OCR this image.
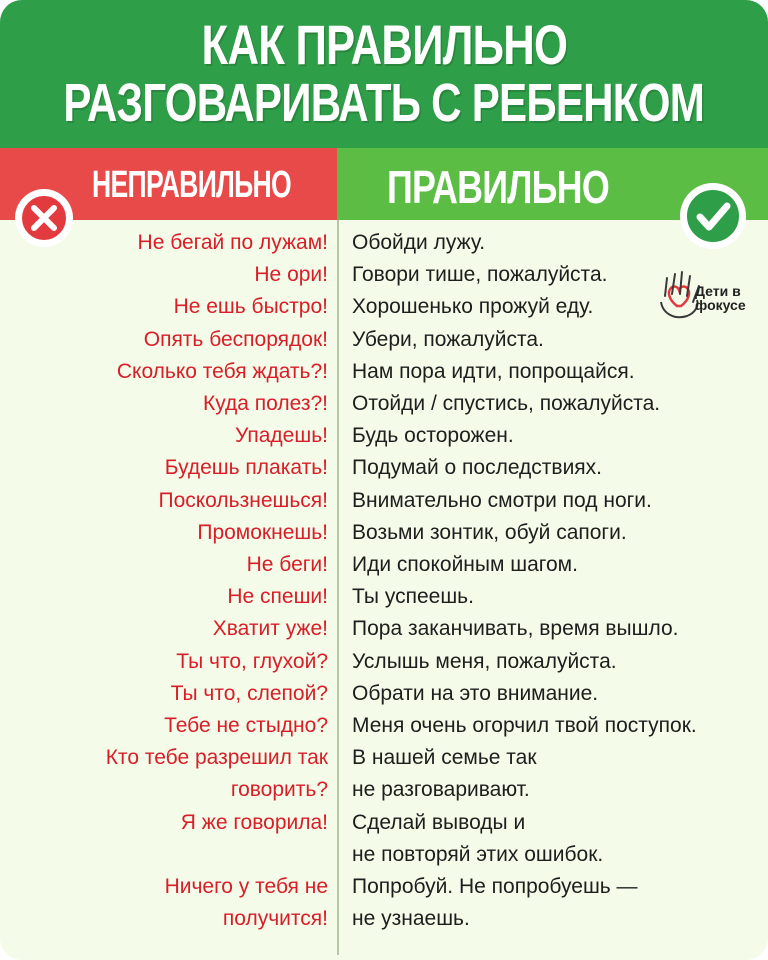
КАК ПРАВИЛЬНО
РАЗГОВАРИВАТЬ С РЕБЕНКОМ
НЕПРАВИЛЬНО ПРАВИЛЬНО
Дети в
фокусе
Не бегай по лужам! Обойди лужу.
Не ори! Говори тише, пожалуйста.
Не ешь быстро! Хорошенько прожуй еду.
Опять беспорядок! Убери, пожалуйста.
Сколько тебя ждать?! Нам пора идти, попрощайся.
Куда полез?! Отойди / спустись, пожалуйста.
Упадешь! Будь осторожен.
Будешь плакать! Подумай о последствиях.
Поскользнешься! Внимательно смотри под ноги.
Промокнешь! Возьми зонтик, обуй сапоги.
Не беги! Иди спокойным шагом.
Не спеши! Ты успеешь.
Хватит уже! Пора заканчивать, время вышло.
Ты что, глухой? Услышь меня, пожалуйста.
Ты что, слепой? Обрати на это внимание.
Тебе не стыдно? Меня очень огорчил твой поступок.
Кто тебе разрешил так В нашей семье так
говорить? не разговаривают.
Я же говорила! Сделай выводы и
не повторяй этих ошибок.
Ничего у тебя не Попробуй. Не попробуешь —
получится! не узнаешь.
